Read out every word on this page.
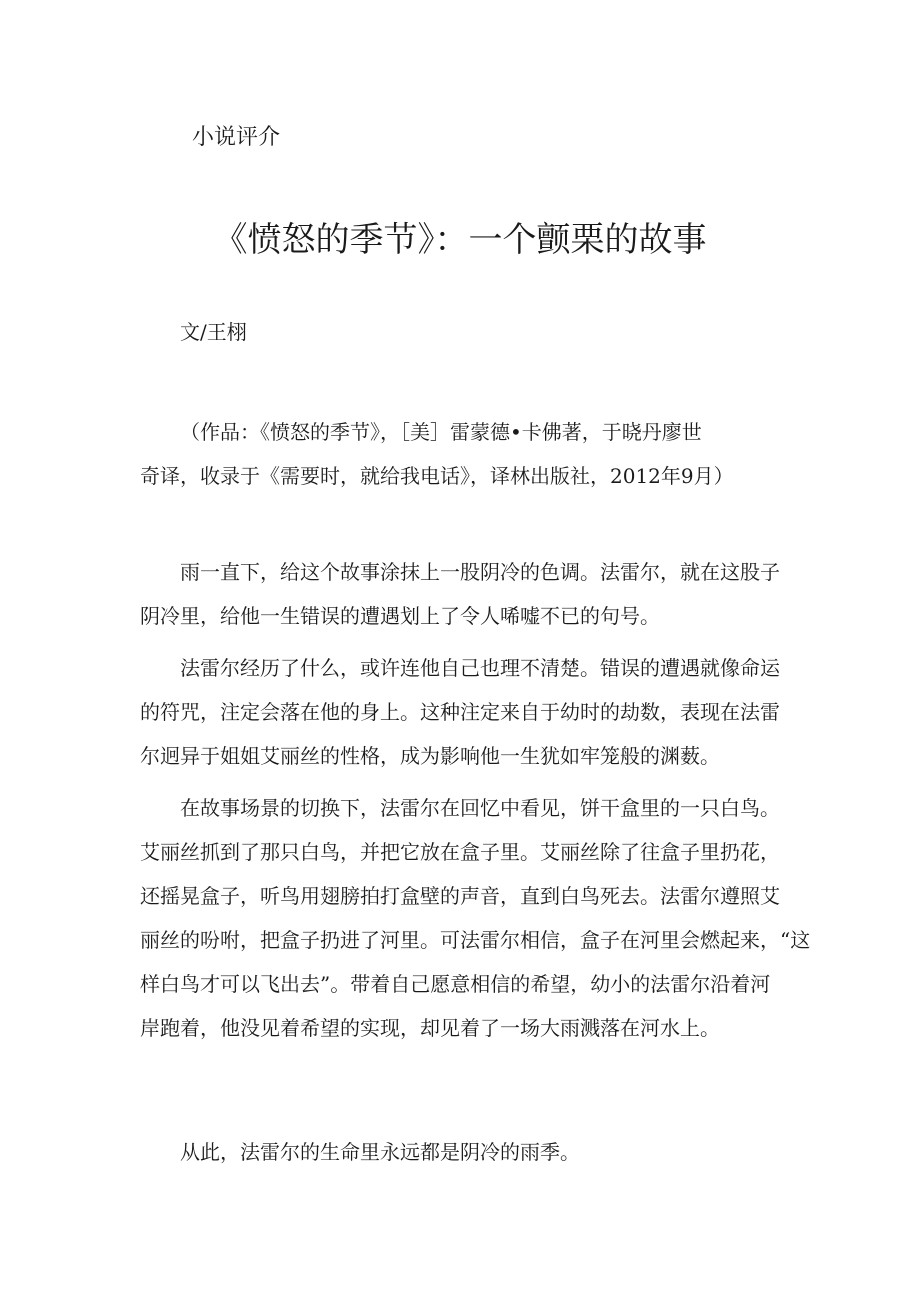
小说评介
《愤怒的季节》：一个颤栗的故事
文/王栩
（作品：《愤怒的季节》，［美］雷蒙德•卡佛著，于晓丹廖世
奇译，收录于《需要时，就给我电话》，译林出版社，2012年9月）

雨一直下，给这个故事涂抹上一股阴冷的色调。法雷尔，就在这股子
阴冷里，给他一生错误的遭遇划上了令人唏嘘不已的句号。

法雷尔经历了什么，或许连他自己也理不清楚。错误的遭遇就像命运
的符咒，注定会落在他的身上。这种注定来自于幼时的劫数，表现在法雷
尔迥异于姐姐艾丽丝的性格，成为影响他一生犹如牢笼般的渊薮。

在故事场景的切换下，法雷尔在回忆中看见，饼干盒里的一只白鸟。
艾丽丝抓到了那只白鸟，并把它放在盒子里。艾丽丝除了往盒子里扔花，
还摇晃盒子，听鸟用翅膀拍打盒壁的声音，直到白鸟死去。法雷尔遵照艾
丽丝的吩咐，把盒子扔进了河里。可法雷尔相信，盒子在河里会燃起来，“这
样白鸟才可以飞出去”。带着自己愿意相信的希望，幼小的法雷尔沿着河
岸跑着，他没见着希望的实现，却见着了一场大雨溅落在河水上。

从此，法雷尔的生命里永远都是阴冷的雨季。
